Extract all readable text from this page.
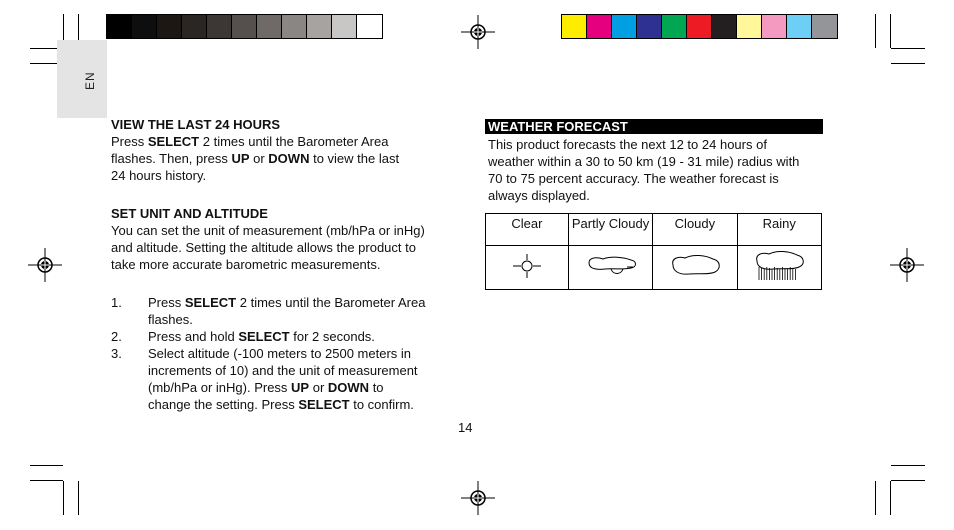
EN
VIEW THE LAST 24 HOURS
Press SELECT 2 times until the Barometer Area
flashes. Then, press UP or DOWN to view the last
24 hours history.
SET UNIT AND ALTITUDE
You can set the unit of measurement (mb/hPa or inHg)
and altitude. Setting the altitude allows the product to
take more accurate barometric measurements.
1. Press SELECT 2 times until the Barometer Area
flashes.
2. Press and hold SELECT for 2 seconds.
3. Select altitude (-100 meters to 2500 meters in
increments of 10) and the unit of measurement
(mb/hPa or inHg). Press UP or DOWN to
change the setting. Press SELECT to confirm.
WEATHER FORECAST
This product forecasts the next 12 to 24 hours of
weather within a 30 to 50 km (19 - 31 mile) radius with
70 to 75 percent accuracy. The weather forecast is
always displayed.
Clear	Partly Cloudy	Cloudy	Rainy

14
